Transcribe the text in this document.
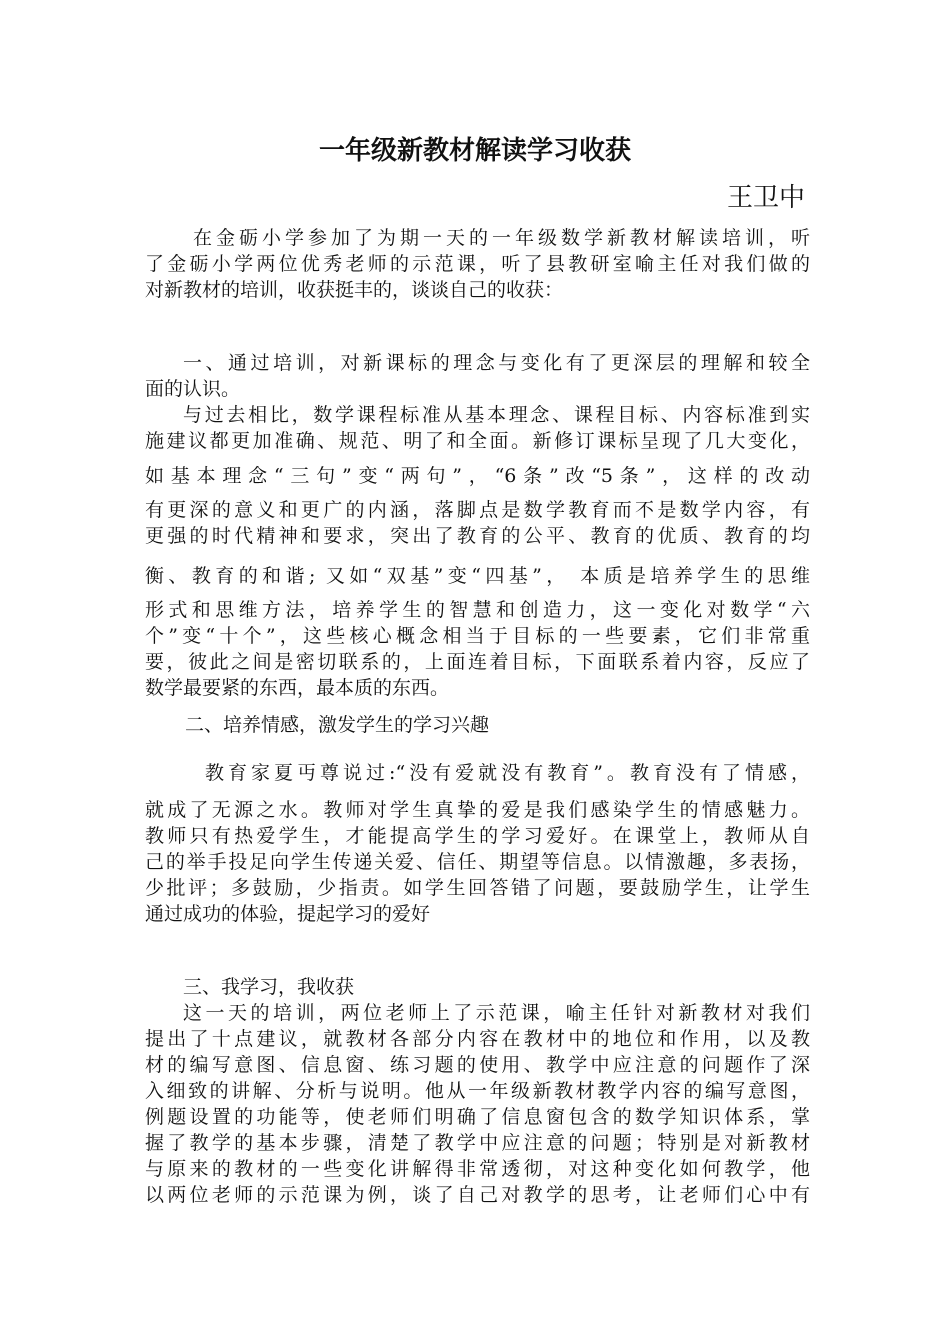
一年级新教材解读学习收获
王卫中
在金砺小学参加了为期一天的一年级数学新教材解读培训，听
了金砺小学两位优秀老师的示范课，听了县教研室喻主任对我们做的
对新教材的培训，收获挺丰的，谈谈自己的收获：
一、通过培训，对新课标的理念与变化有了更深层的理解和较全
面的认识。
与过去相比，数学课程标准从基本理念、课程目标、内容标准到实
施建议都更加准确、规范、明了和全面。新修订课标呈现了几大变化，
如基本理念“三句”变“两句”，“6条”改“5条”，这样的改动
有更深的意义和更广的内涵，落脚点是数学教育而不是数学内容，有
更强的时代精神和要求，突出了教育的公平、教育的优质、教育的均
衡、教育的和谐; 又如“双基”变“四基”， 本质是培养学生的思维
形式和思维方法，培养学生的智慧和创造力，这一变化对数学“六
个”变“十个”，这些核心概念相当于目标的一些要素，它们非常重
要，彼此之间是密切联系的，上面连着目标，下面联系着内容，反应了
数学最要紧的东西，最本质的东西。
二、培养情感，激发学生的学习兴趣
教育家夏丏尊说过:“没有爱就没有教育”。教育没有了情感，
就成了无源之水。教师对学生真挚的爱是我们感染学生的情感魅力。
教师只有热爱学生，才能提高学生的学习爱好。在课堂上，教师从自
己的举手投足向学生传递关爱、信任、期望等信息。以情激趣，多表扬，
少批评；多鼓励，少指责。如学生回答错了问题，要鼓励学生，让学生
通过成功的体验，提起学习的爱好
三、我学习，我收获
这一天的培训，两位老师上了示范课，喻主任针对新教材对我们
提出了十点建议，就教材各部分内容在教材中的地位和作用，以及教
材的编写意图、信息窗、练习题的使用、教学中应注意的问题作了深
入细致的讲解、分析与说明。他从一年级新教材教学内容的编写意图，
例题设置的功能等，使老师们明确了信息窗包含的数学知识体系，掌
握了教学的基本步骤，清楚了教学中应注意的问题；特别是对新教材
与原来的教材的一些变化讲解得非常透彻，对这种变化如何教学，他
以两位老师的示范课为例，谈了自己对教学的思考，让老师们心中有
